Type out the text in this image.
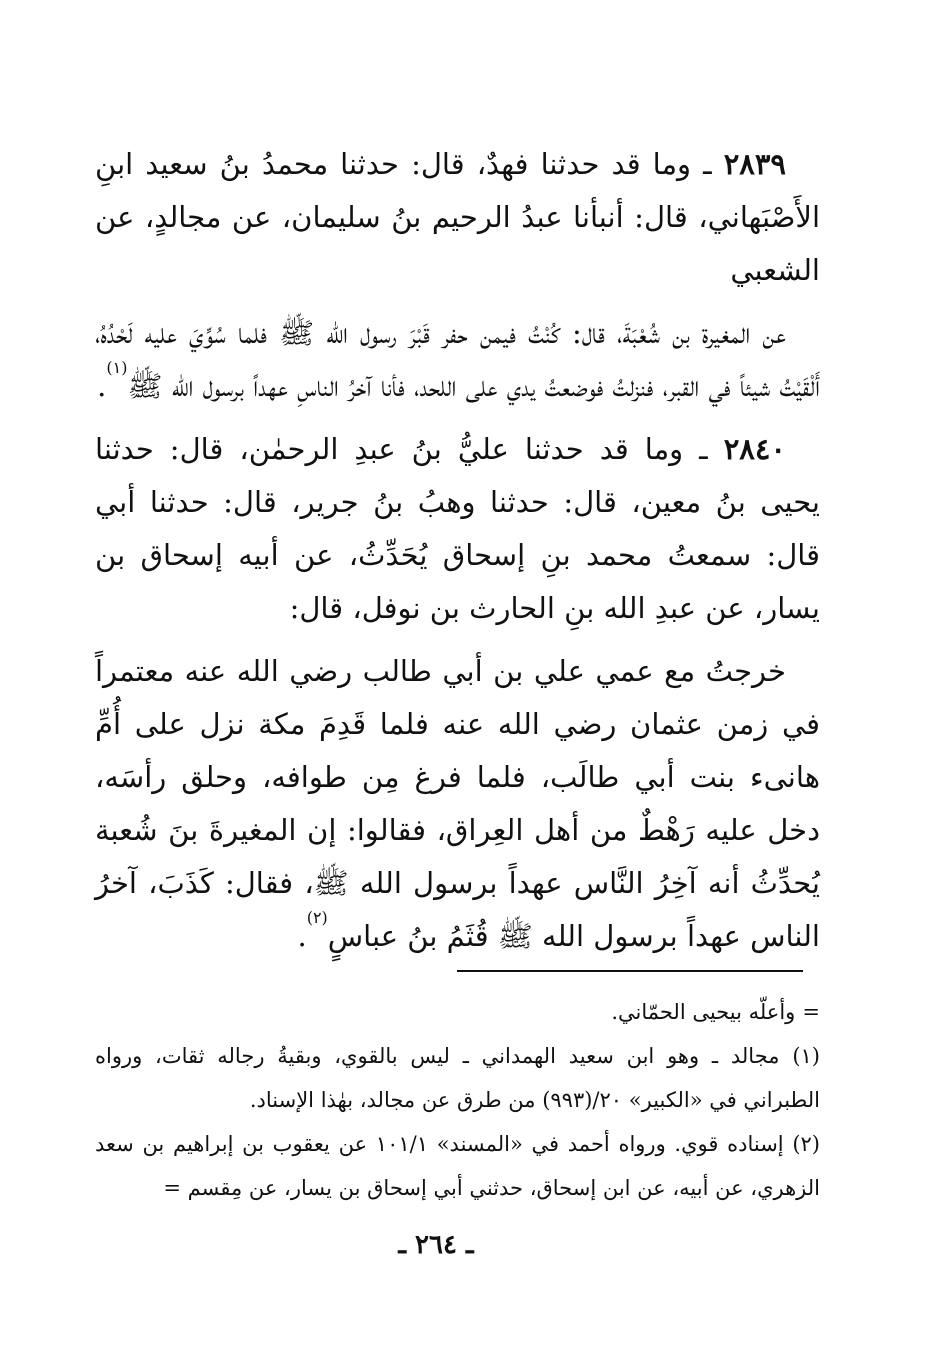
٢٨٣٩ ـ وما قد حدثنا فهدٌ، قال: حدثنا محمدُ بنُ سعيد ابنِ الأَصْبَهاني، قال: أنبأنا عبدُ الرحيم بنُ سليمان، عن مجالدٍ، عن الشعبي

عن المغيرة بن شُعْبَةَ، قال: كُنْتُ فيمن حفر قَبْرَ رسول الله ﷺ فلما سُوِّيَ عليه لَحْدُهُ، أَلْقَيْتُ شيئاً في القبر، فنزلتُ فوضعتُ يدي على اللحد، فأنا آخرُ الناسِ عهداً برسول الله ﷺ$^{(١)}$.

٢٨٤٠ ـ وما قد حدثنا عليُّ بنُ عبدِ الرحمٰن، قال: حدثنا يحيى بنُ معين، قال: حدثنا وهبُ بنُ جرير، قال: حدثنا أبي قال: سمعتُ محمد بنِ إسحاق يُحَدِّثُ، عن أبيه إسحاق بن يسار، عن عبدِ الله بنِ الحارث بن نوفل، قال:

خرجتُ مع عمي علي بن أبي طالب رضي الله عنه معتمراً في زمن عثمان رضي الله عنه فلما قَدِمَ مكة نزل على أُمِّ هانىء بنت أبي طالَب، فلما فرغ مِن طوافه، وحلق رأسَه، دخل عليه رَهْطٌ من أهل العِراق، فقالوا: إن المغيرةَ بنَ شُعبة يُحدِّثُ أنه آخِرُ النَّاس عهداً برسول الله ﷺ، فقال: كَذَبَ، آخرُ الناس عهداً برسول الله ﷺ قُثَمُ بنُ عباسٍ$^{(٢)}$.

= وأعلّه بيحيى الحمّاني.

(١) مجالد ـ وهو ابن سعيد الهمداني ـ ليس بالقوي، وبقيةُ رجاله ثقات، ورواه الطبراني في «الكبير» ٢٠/(٩٩٣) من طرق عن مجالد، بهٰذا الإسناد.

(٢) إسناده قوي. ورواه أحمد في «المسند» ١٠١/١ عن يعقوب بن إبراهيم بن سعد الزهري، عن أبيه، عن ابن إسحاق، حدثني أبي إسحاق بن يسار، عن مِقسم =

ـ ٢٦٤ ـ
